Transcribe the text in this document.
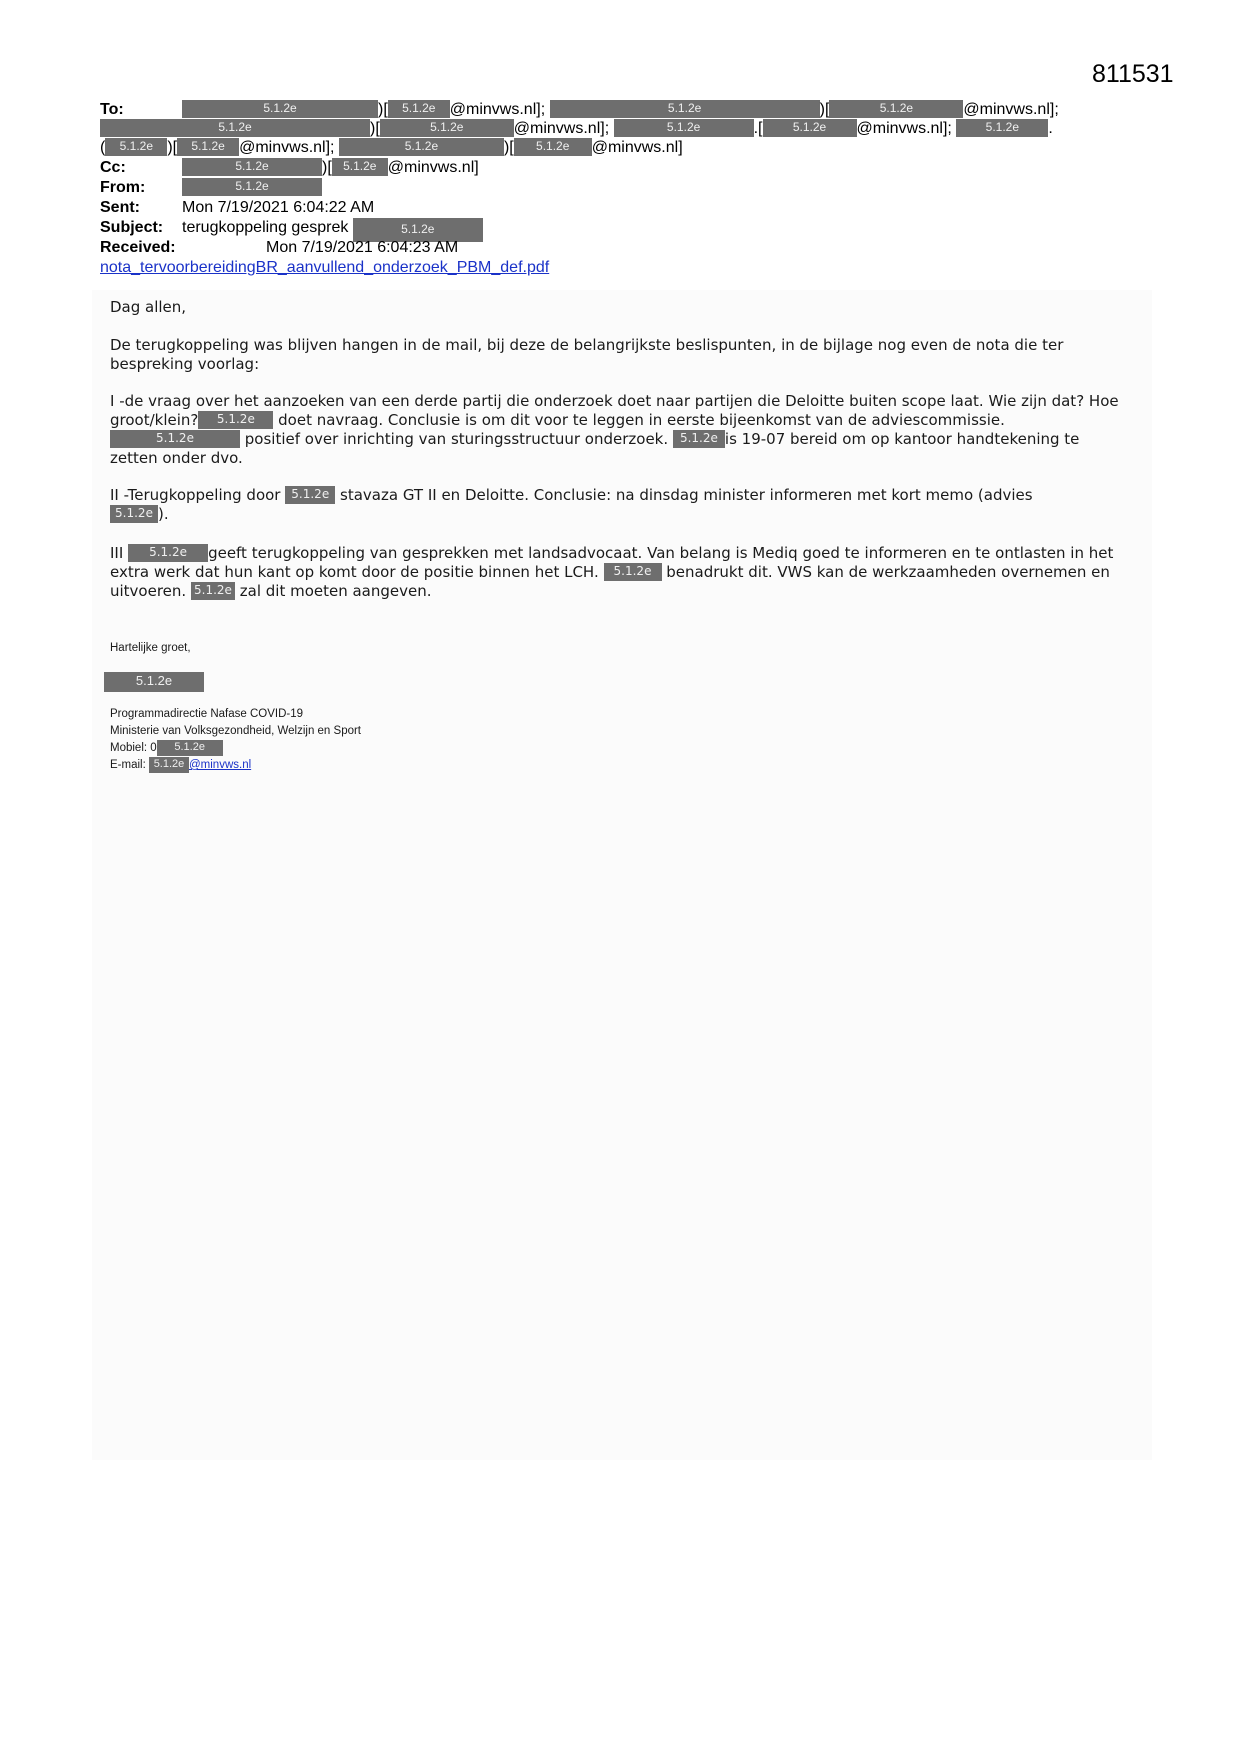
811531
To:	5.1.2e	)[ 5.1.2e @minvws.nl];	5.1.2e	)[	5.1.2e	@minvws.nl];
5.1.2e	)[	5.1.2e	@minvws.nl];	5.1.2e	.[	5.1.2e @minvws.nl];	5.1.2e .
( 5.1.2e )[ 5.1.2e @minvws.nl];	5.1.2e	)[ 5.1.2e @minvws.nl]
Cc:	5.1.2e	)[ 5.1.2e @minvws.nl]
From:	5.1.2e
Sent:	Mon 7/19/2021 6:04:22 AM
Subject: terugkoppeling gesprek	5.1.2e
Received:	Mon 7/19/2021 6:04:23 AM
nota_tervoorbereidingBR_aanvullend_onderzoek_PBM_def.pdf
Dag allen,
De terugkoppeling was blijven hangen in de mail, bij deze de belangrijkste beslispunten, in de bijlage nog even de nota die ter bespreking voorlag:
I -de vraag over het aanzoeken van een derde partij die onderzoek doet naar partijen die Deloitte buiten scope laat. Wie zijn dat? Hoe groot/klein? 5.1.2e doet navraag. Conclusie is om dit voor te leggen in eerste bijeenkomst van de adviescommissie.
5.1.2e	positief over inrichting van sturingsstructuur onderzoek. 5.1.2e is 19-07 bereid om op kantoor handtekening te zetten onder dvo.
II -Terugkoppeling door 5.1.2e stavaza GT II en Deloitte. Conclusie: na dinsdag minister informeren met kort memo (advies
5.1.2e ).
III 5.1.2e geeft terugkoppeling van gesprekken met landsadvocaat. Van belang is Mediq goed te informeren en te ontlasten in het extra werk dat hun kant op komt door de positie binnen het LCH. 5.1.2e benadrukt dit. VWS kan de werkzaamheden overnemen en uitvoeren. 5.1.2e zal dit moeten aangeven.
Hartelijke groet,
5.1.2e
Programmadirectie Nafase COVID-19
Ministerie van Volksgezondheid, Welzijn en Sport
Mobiel: 0 5.1.2e
E-mail: 5.1.2e @minvws.nl
